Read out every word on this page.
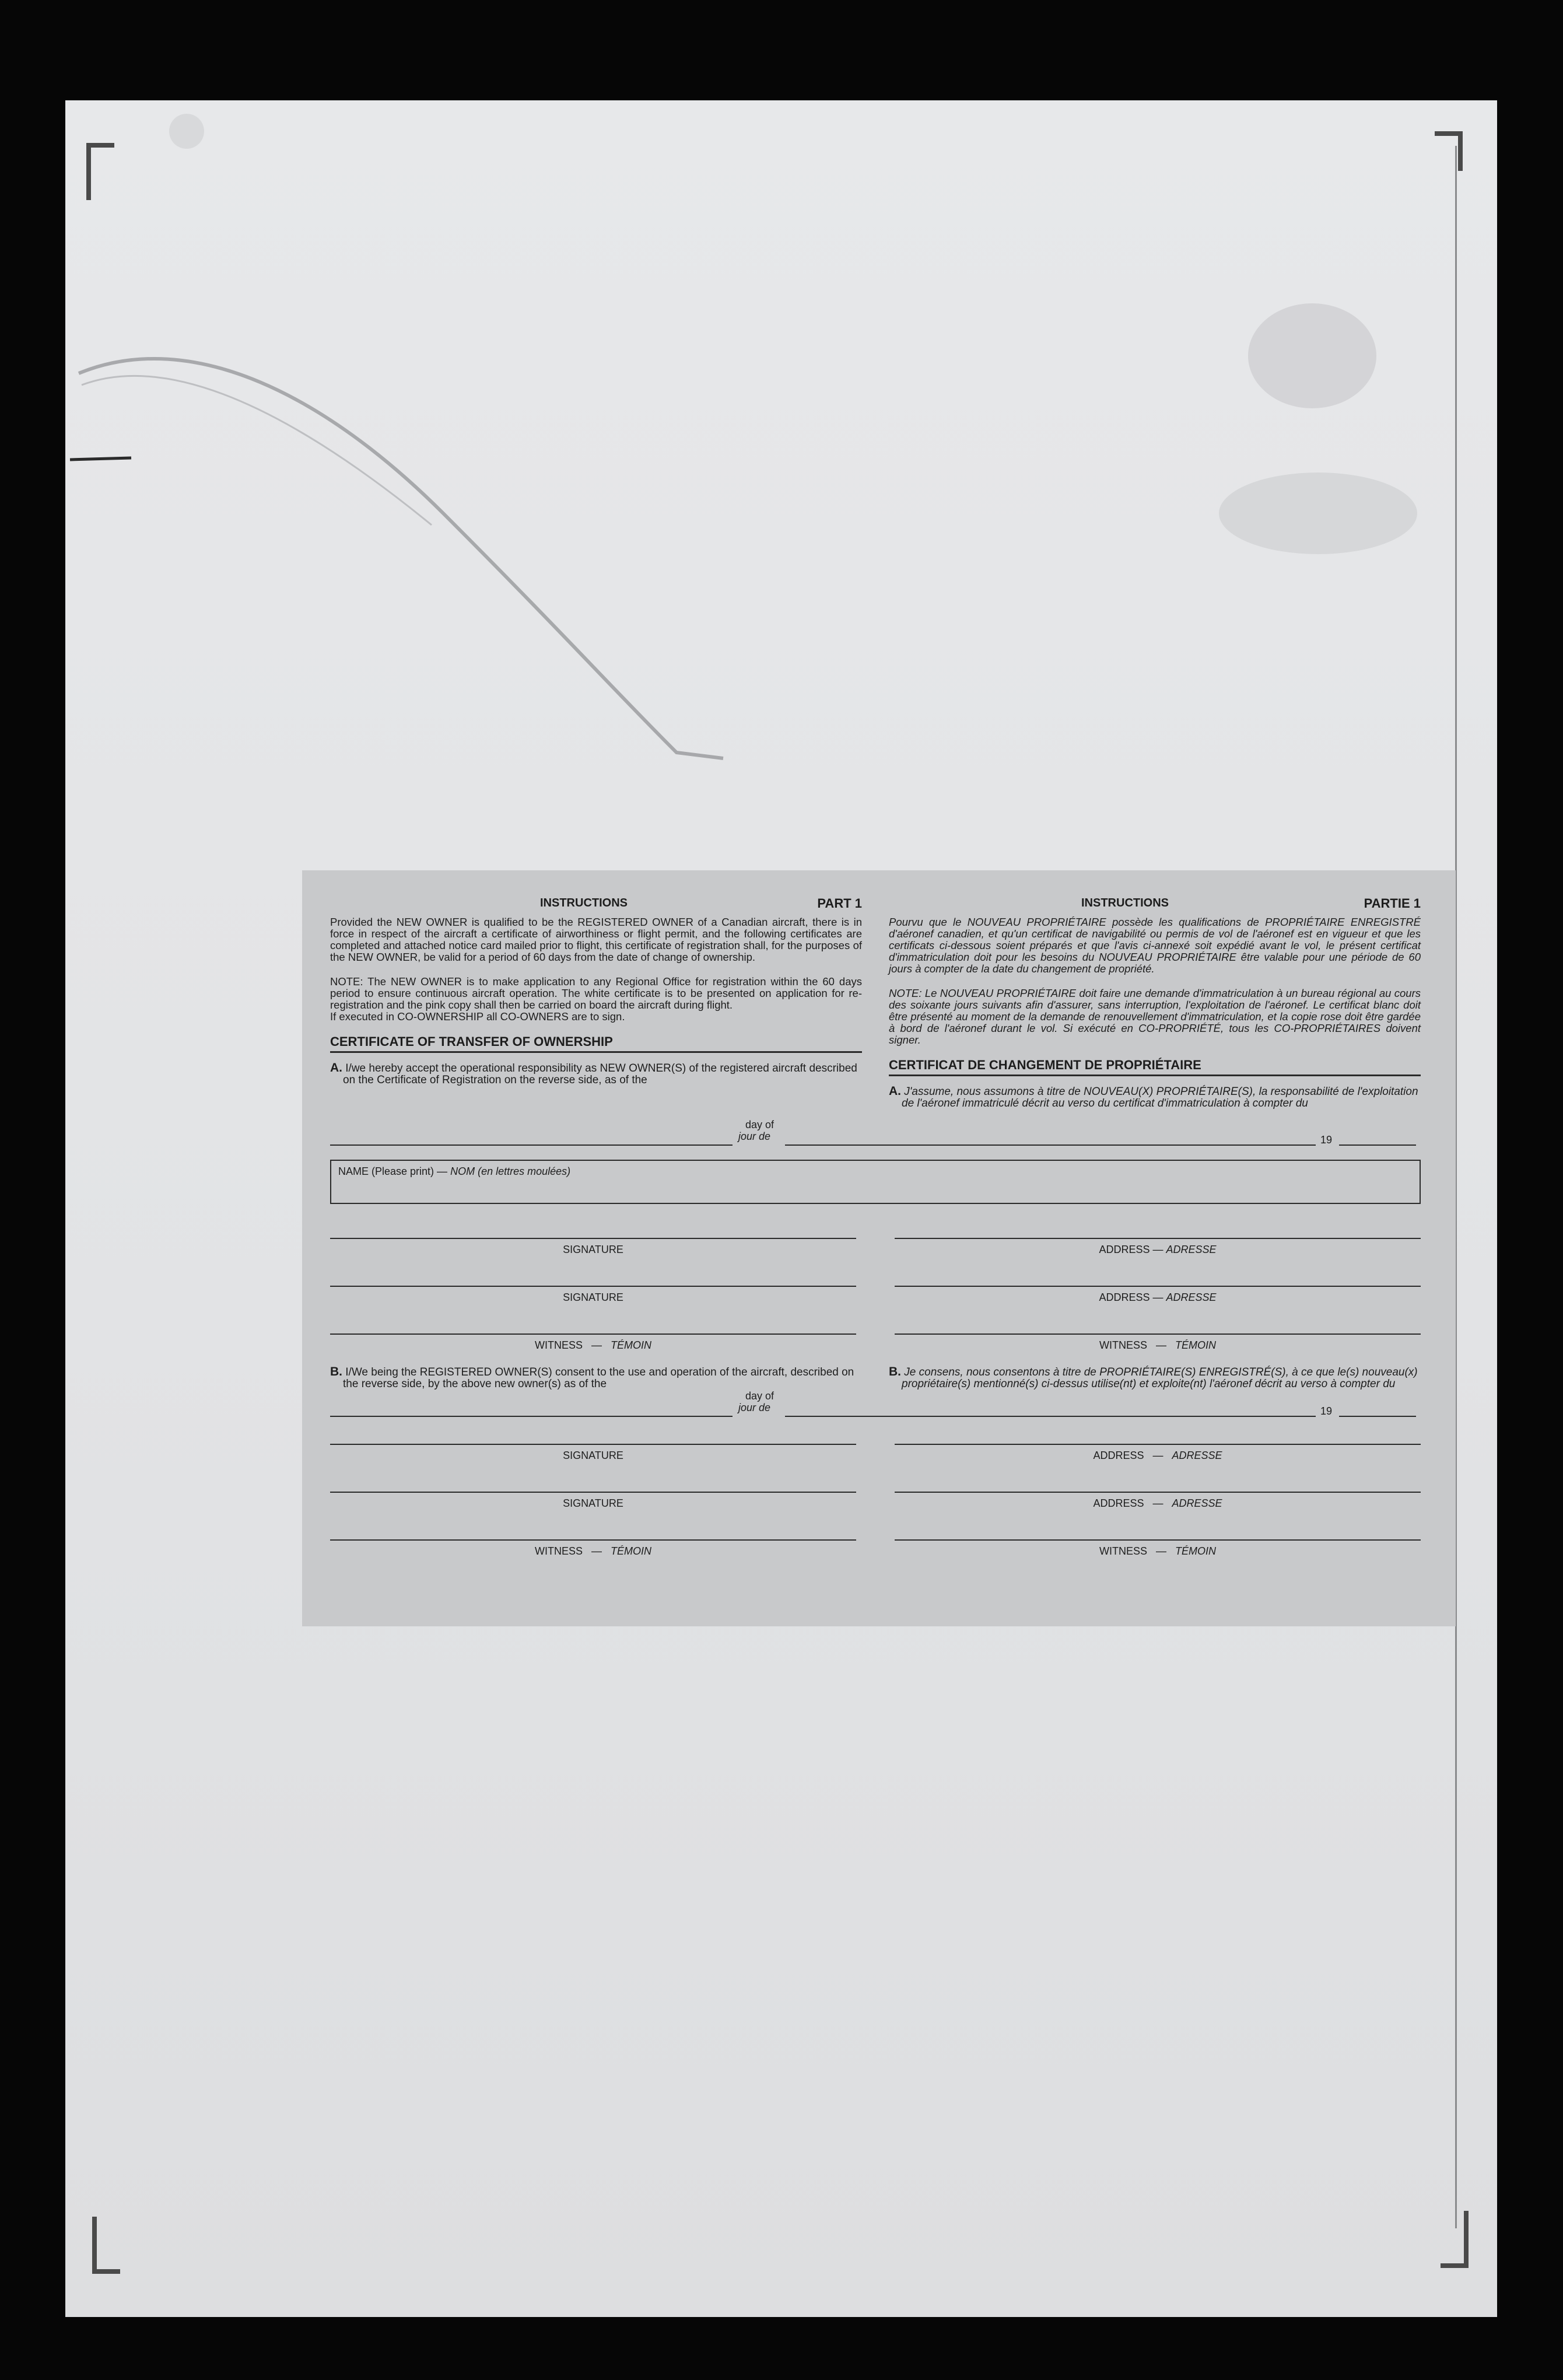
INSTRUCTIONS	PART 1

Provided the NEW OWNER is qualified to be the REGISTERED OWNER of a Canadian aircraft, there is in force in respect of the aircraft a certificate of airworthiness or flight permit, and the following certificates are completed and attached notice card mailed prior to flight, this certificate of registration shall, for the purposes of the NEW OWNER, be valid for a period of 60 days from the date of change of ownership.

NOTE: The NEW OWNER is to make application to any Regional Office for registration within the 60 days period to ensure continuous aircraft operation. The white certificate is to be presented on application for re-registration and the pink copy shall then be carried on board the aircraft during flight.

If executed in CO-OWNERSHIP all CO-OWNERS are to sign.

CERTIFICATE OF TRANSFER OF OWNERSHIP
A. I/we hereby accept the operational responsibility as NEW OWNER(S) of the registered aircraft described on the Certificate of Registration on the reverse side, as of the
INSTRUCTIONS	PARTIE 1

Pourvu que le NOUVEAU PROPRIÉTAIRE possède les qualifications de PROPRIÉTAIRE ENREGISTRÉ d'aéronef canadien, et qu'un certificat de navigabilité ou permis de vol de l'aéronef est en vigueur et que les certificats ci-dessous soient préparés et que l'avis ci-annexé soit expédié avant le vol, le présent certificat d'immatriculation doit pour les besoins du NOUVEAU PROPRIÉTAIRE être valable pour une période de 60 jours à compter de la date du changement de propriété.

NOTE: Le NOUVEAU PROPRIÉTAIRE doit faire une demande d'immatriculation à un bureau régional au cours des soixante jours suivants afin d'assurer, sans interruption, l'exploitation de l'aéronef. Le certificat blanc doit être présenté au moment de la demande de renouvellement d'immatriculation, et la copie rose doit être gardée à bord de l'aéronef durant le vol. Si exécuté en CO-PROPRIÉTÉ, tous les CO-PROPRIÉTAIRES doivent signer.

CERTIFICAT DE CHANGEMENT DE PROPRIÉTAIRE
A. J'assume, nous assumons à titre de NOUVEAU(X) PROPRIÉTAIRE(S), la responsabilité de l'exploitation de l'aéronef immatriculé décrit au verso du certificat d'immatriculation à compter du
day of
jour de	19
NAME (Please print) — NOM (en lettres moulées)
SIGNATURE	ADDRESS — ADRESSE
SIGNATURE	ADDRESS — ADRESSE
WITNESS — TÉMOIN	WITNESS — TÉMOIN
B. I/We being the REGISTERED OWNER(S) consent to the use and operation of the aircraft, described on the reverse side, by the above new owner(s) as of the
B. Je consens, nous consentons à titre de PROPRIÉTAIRE(S) ENREGISTRÉ(S), à ce que le(s) nouveau(x) propriétaire(s) mentionné(s) ci-dessus utilise(nt) et exploite(nt) l'aéronef décrit au verso à compter du
day of
jour de	19
SIGNATURE	ADDRESS — ADRESSE
SIGNATURE	ADDRESS — ADRESSE
WITNESS — TÉMOIN	WITNESS — TÉMOIN
